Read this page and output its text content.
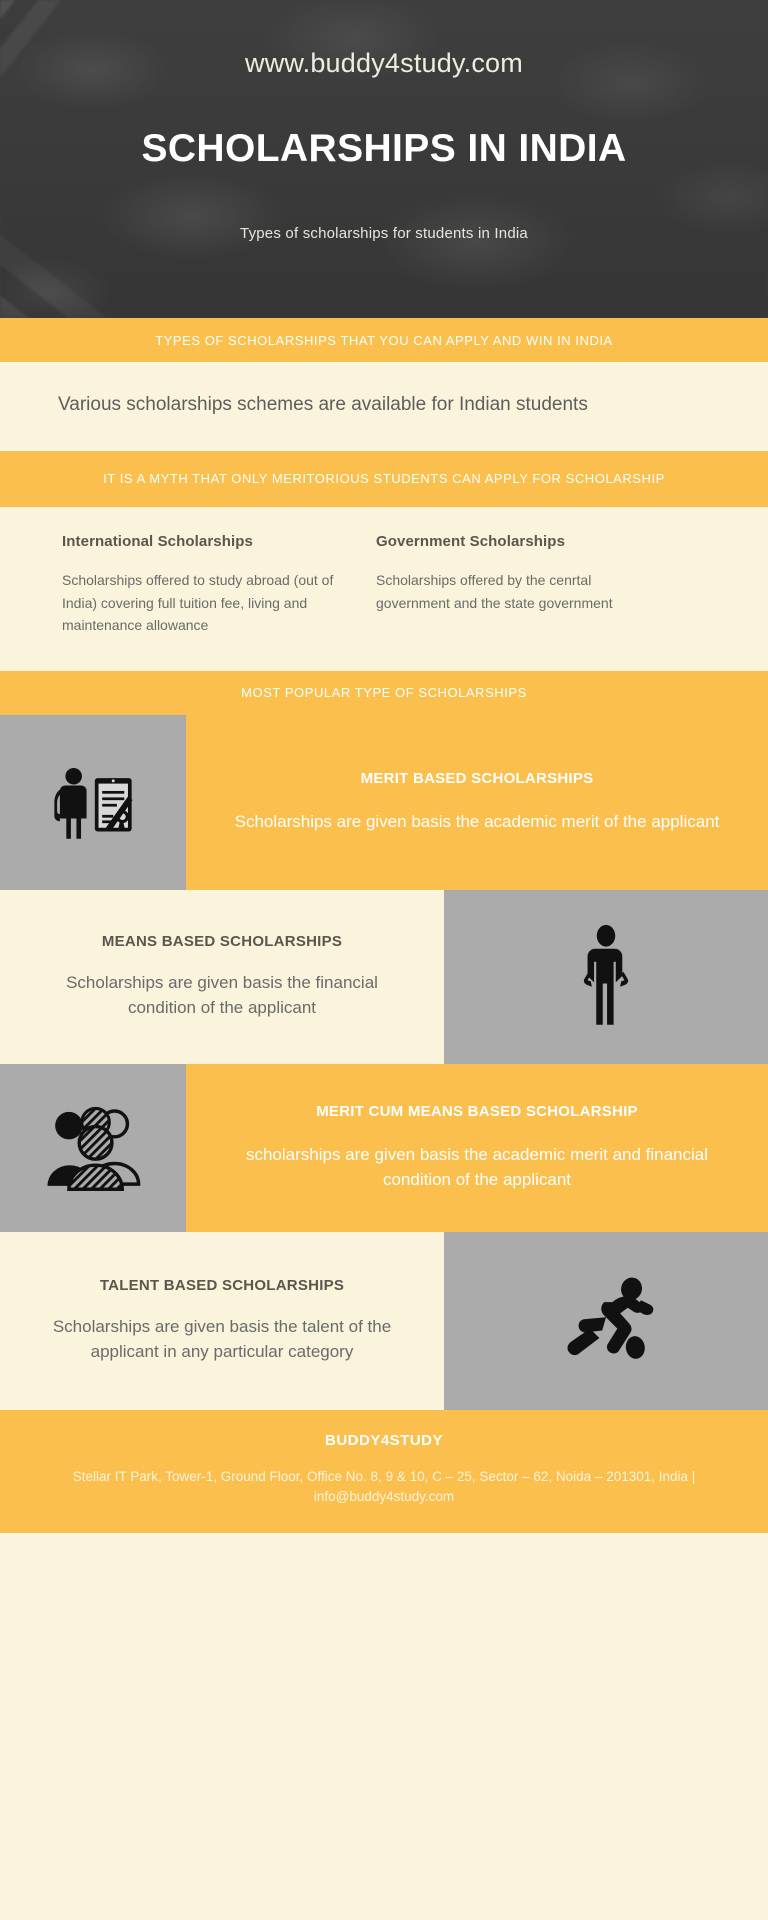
www.buddy4study.com
SCHOLARSHIPS IN INDIA
Types of scholarships for students in India
TYPES OF SCHOLARSHIPS THAT YOU CAN APPLY AND WIN IN INDIA

Various scholarships schemes are available for Indian students

IT IS A MYTH THAT ONLY MERITORIOUS STUDENTS CAN APPLY FOR SCHOLARSHIP
International Scholarships
Scholarships offered to study abroad (out of India) covering full tuition fee, living and maintenance allowance
Government Scholarships
Scholarships offered by the cenrtal government and the state government
MOST POPULAR TYPE OF SCHOLARSHIPS
MERIT BASED SCHOLARSHIPS
Scholarships are given basis the academic merit of the applicant
MEANS BASED SCHOLARSHIPS
Scholarships are given basis the financial condition of the applicant
MERIT CUM MEANS BASED SCHOLARSHIP
scholarships are given basis the academic merit and financial condition of the applicant
TALENT BASED SCHOLARSHIPS
Scholarships are given basis the talent of the applicant in any particular category
BUDDY4STUDY
Stellar IT Park, Tower-1, Ground Floor, Office No. 8, 9 & 10, C – 25, Sector – 62, Noida – 201301, India | info@buddy4study.com
